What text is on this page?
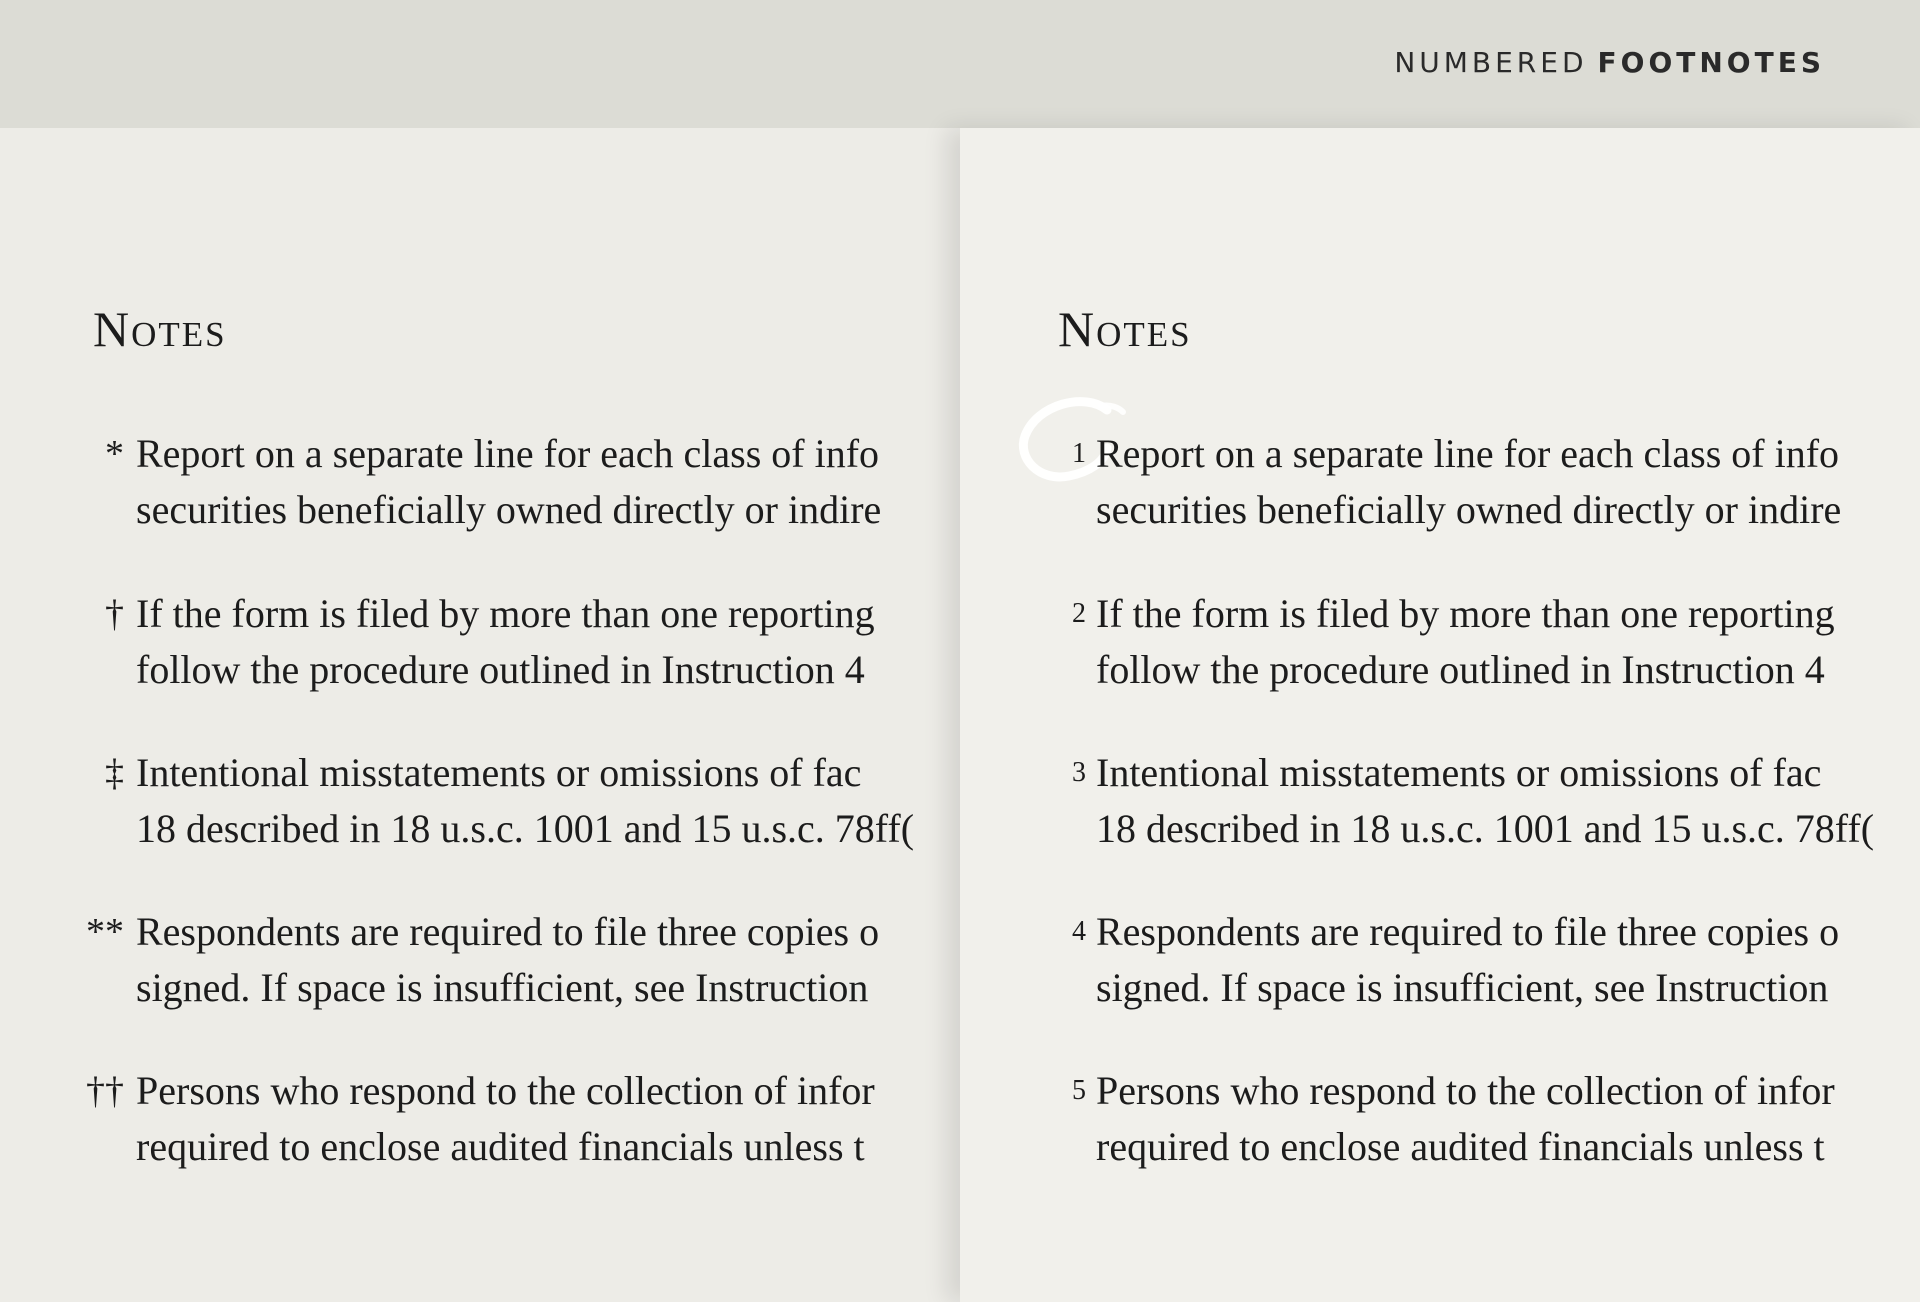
NUMBERED FOOTNOTES
Notes
* Report on a separate line for each class of info
securities beneficially owned directly or indire
† If the form is filed by more than one reporting
follow the procedure outlined in Instruction 4
‡ Intentional misstatements or omissions of fac
18 described in 18 u.s.c. 1001 and 15 u.s.c. 78ff(
** Respondents are required to file three copies o
signed. If space is insufficient, see Instruction
†† Persons who respond to the collection of infor
required to enclose audited financials unless t
Notes
1 Report on a separate line for each class of info
securities beneficially owned directly or indire
2 If the form is filed by more than one reporting
follow the procedure outlined in Instruction 4
3 Intentional misstatements or omissions of fac
18 described in 18 u.s.c. 1001 and 15 u.s.c. 78ff(
4 Respondents are required to file three copies o
signed. If space is insufficient, see Instruction
5 Persons who respond to the collection of infor
required to enclose audited financials unless t
